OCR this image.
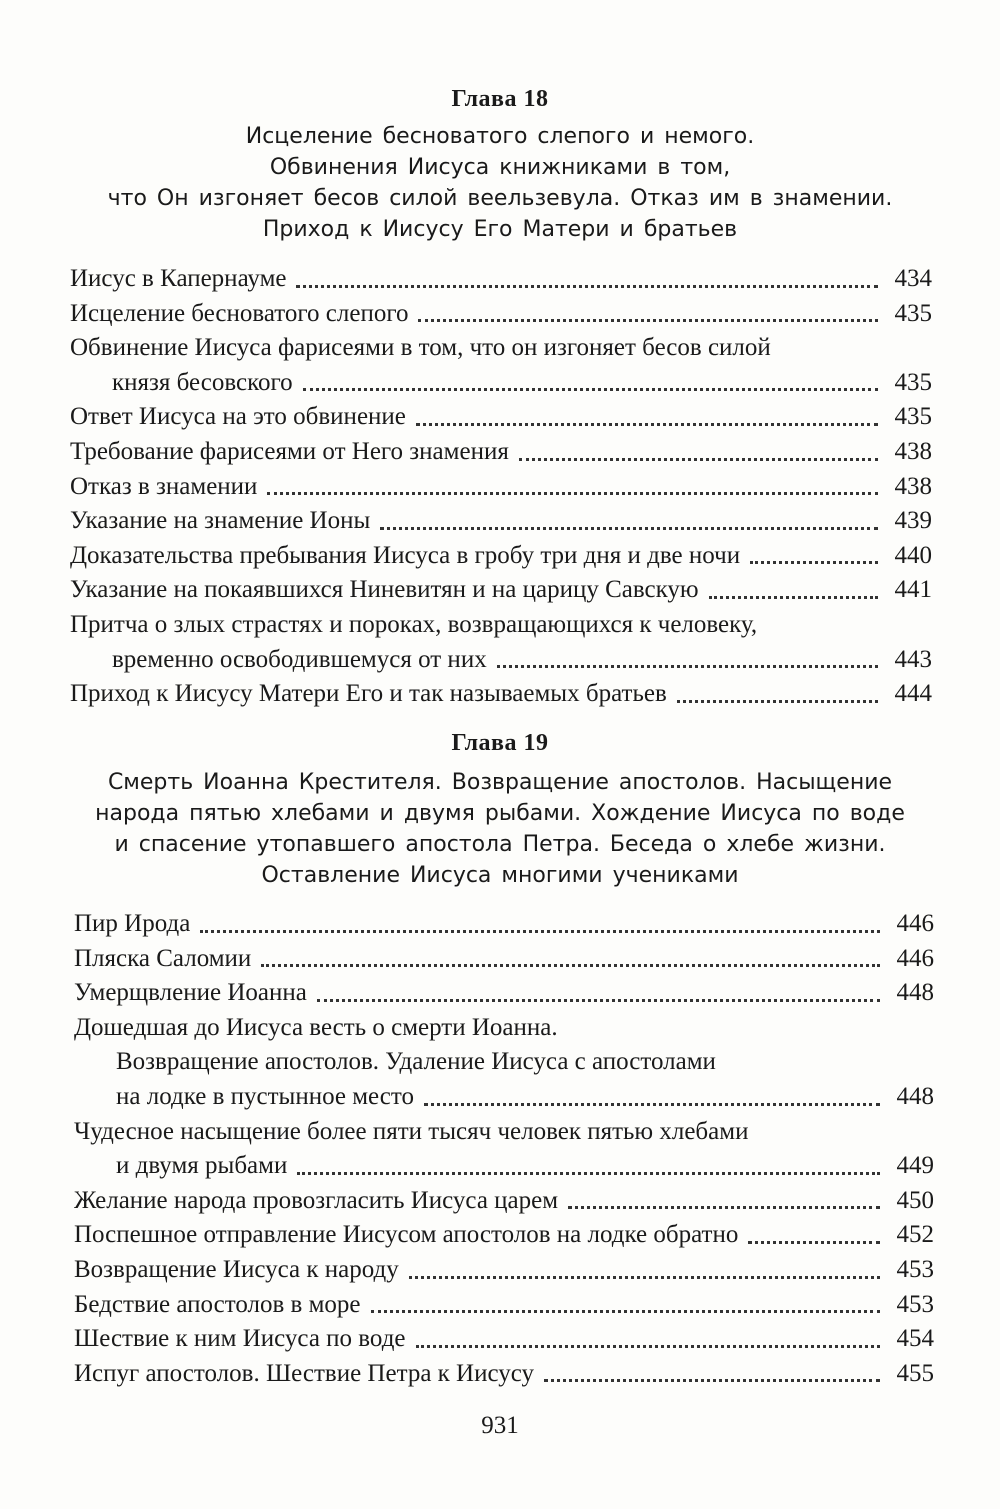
Глава 18
Исцеление бесноватого слепого и немого.
Обвинения Иисуса книжниками в том,
что Он изгоняет бесов силой веельзевула. Отказ им в знамении.
Приход к Иисусу Его Матери и братьев
Иисус в Капернауме	434
Исцеление бесноватого слепого	435
Обвинение Иисуса фарисеями в том, что он изгоняет бесов силой
князя бесовского	435
Ответ Иисуса на это обвинение	435
Требование фарисеями от Него знамения	438
Отказ в знамении	438
Указание на знамение Ионы	439
Доказательства пребывания Иисуса в гробу три дня и две ночи	440
Указание на покаявшихся Ниневитян и на царицу Савскую	441
Притча о злых страстях и пороках, возвращающихся к человеку,
временно освободившемуся от них	443
Приход к Иисусу Матери Его и так называемых братьев	444
Глава 19
Смерть Иоанна Крестителя. Возвращение апостолов. Насыщение
народа пятью хлебами и двумя рыбами. Хождение Иисуса по воде
и спасение утопавшего апостола Петра. Беседа о хлебе жизни.
Оставление Иисуса многими учениками
Пир Ирода	446
Пляска Саломии	446
Умерщвление Иоанна	448
Дошедшая до Иисуса весть о смерти Иоанна.
Возвращение апостолов. Удаление Иисуса с апостолами
на лодке в пустынное место	448
Чудесное насыщение более пяти тысяч человек пятью хлебами
и двумя рыбами	449
Желание народа провозгласить Иисуса царем	450
Поспешное отправление Иисусом апостолов на лодке обратно	452
Возвращение Иисуса к народу	453
Бедствие апостолов в море	453
Шествие к ним Иисуса по воде	454
Испуг апостолов. Шествие Петра к Иисусу	455
931
